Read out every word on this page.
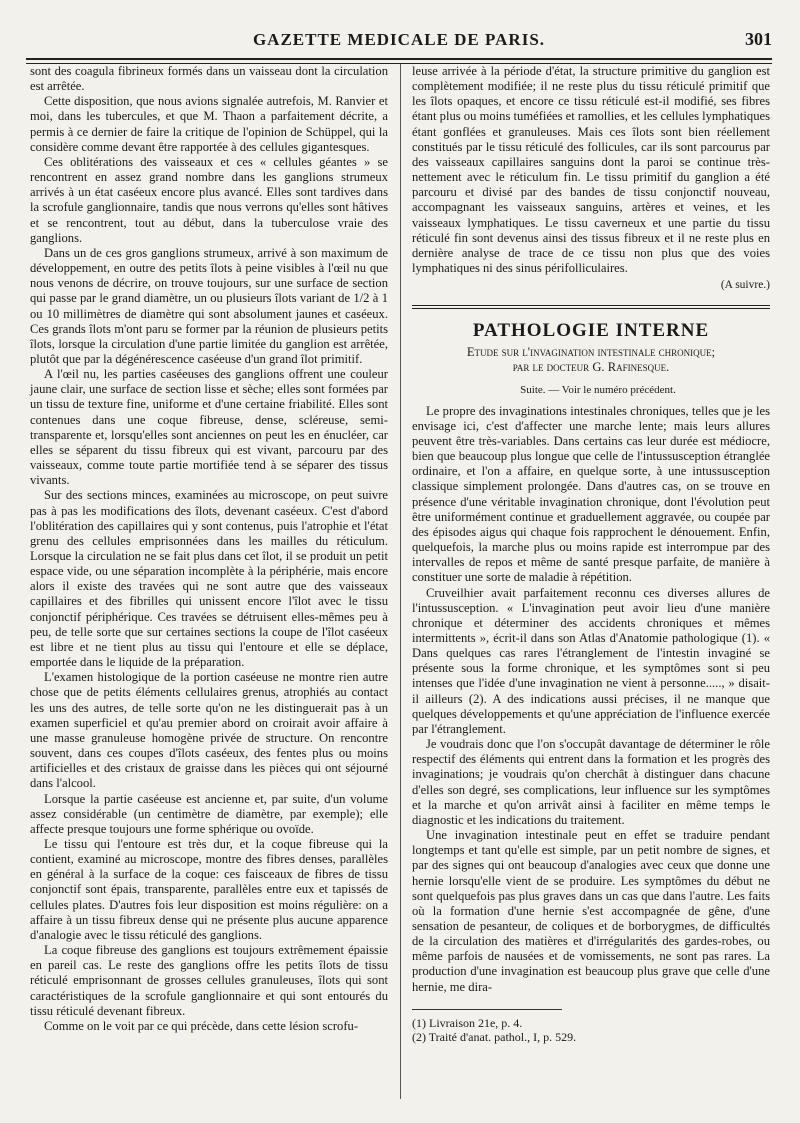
GAZETTE MEDICALE DE PARIS.	301

sont des coagula fibrineux formés dans un vaisseau dont la circulation est arrêtée.

Cette disposition, que nous avions signalée autrefois, M. Ranvier et moi, dans les tubercules, et que M. Thaon a parfaitement décrite, a permis à ce dernier de faire la critique de l'opinion de Schüppel, qui la considère comme devant être rapportée à des cellules gigantesques.

Ces oblitérations des vaisseaux et ces « cellules géantes » se rencontrent en assez grand nombre dans les ganglions strumeux arrivés à un état caséeux encore plus avancé. Elles sont tardives dans la scrofule ganglionnaire, tandis que nous verrons qu'elles sont hâtives et se rencontrent, tout au début, dans la tuberculose vraie des ganglions.

Dans un de ces gros ganglions strumeux, arrivé à son maximum de développement, en outre des petits îlots à peine visibles à l'œil nu que nous venons de décrire, on trouve toujours, sur une surface de section qui passe par le grand diamètre, un ou plusieurs îlots variant de 1/2 à 1 ou 10 millimètres de diamètre qui sont absolument jaunes et caséeux. Ces grands îlots m'ont paru se former par la réunion de plusieurs petits îlots, lorsque la circulation d'une partie limitée du ganglion est arrêtée, plutôt que par la dégénérescence caséeuse d'un grand îlot primitif.

A l'œil nu, les parties caséeuses des ganglions offrent une couleur jaune clair, une surface de section lisse et sèche; elles sont formées par un tissu de texture fine, uniforme et d'une certaine friabilité. Elles sont contenues dans une coque fibreuse, dense, scléreuse, semi-transparente et, lorsqu'elles sont anciennes on peut les en énucléer, car elles se séparent du tissu fibreux qui est vivant, parcouru par des vaisseaux, comme toute partie mortifiée tend à se séparer des tissus vivants.

Sur des sections minces, examinées au microscope, on peut suivre pas à pas les modifications des îlots, devenant caséeux. C'est d'abord l'oblitération des capillaires qui y sont contenus, puis l'atrophie et l'état grenu des cellules emprisonnées dans les mailles du réticulum. Lorsque la circulation ne se fait plus dans cet îlot, il se produit un petit espace vide, ou une séparation incomplète à la périphérie, mais encore alors il existe des travées qui ne sont autre que des vaisseaux capillaires et des fibrilles qui unissent encore l'îlot avec le tissu conjonctif périphérique. Ces travées se détruisent elles-mêmes peu à peu, de telle sorte que sur certaines sections la coupe de l'îlot caséeux est libre et ne tient plus au tissu qui l'entoure et elle se déplace, emportée dans le liquide de la préparation.

L'examen histologique de la portion caséeuse ne montre rien autre chose que de petits éléments cellulaires grenus, atrophiés au contact les uns des autres, de telle sorte qu'on ne les distinguerait pas à un examen superficiel et qu'au premier abord on croirait avoir affaire à une masse granuleuse homogène privée de structure. On rencontre souvent, dans ces coupes d'îlots caséeux, des fentes plus ou moins artificielles et des cristaux de graisse dans les pièces qui ont séjourné dans l'alcool.

Lorsque la partie caséeuse est ancienne et, par suite, d'un volume assez considérable (un centimètre de diamètre, par exemple); elle affecte presque toujours une forme sphérique ou ovoïde.

Le tissu qui l'entoure est très dur, et la coque fibreuse qui la contient, examiné au microscope, montre des fibres denses, parallèles en général à la surface de la coque: ces faisceaux de fibres de tissu conjonctif sont épais, transparente, parallèles entre eux et tapissés de cellules plates. D'autres fois leur disposition est moins régulière: on a affaire à un tissu fibreux dense qui ne présente plus aucune apparence d'analogie avec le tissu réticulé des ganglions.

La coque fibreuse des ganglions est toujours extrêmement épaissie en pareil cas. Le reste des ganglions offre les petits îlots de tissu réticulé emprisonnant de grosses cellules granuleuses, îlots qui sont caractéristiques de la scrofule ganglionnaire et qui sont entourés du tissu réticulé devenant fibreux.

Comme on le voit par ce qui précède, dans cette lésion scrofu-

leuse arrivée à la période d'état, la structure primitive du ganglion est complètement modifiée; il ne reste plus du tissu réticulé primitif que les îlots opaques, et encore ce tissu réticulé est-il modifié, ses fibres étant plus ou moins tuméfiées et ramollies, et les cellules lymphatiques étant gonflées et granuleuses. Mais ces îlots sont bien réellement constitués par le tissu réticulé des follicules, car ils sont parcourus par des vaisseaux capillaires sanguins dont la paroi se continue très-nettement avec le réticulum fin. Le tissu primitif du ganglion a été parcouru et divisé par des bandes de tissu conjonctif nouveau, accompagnant les vaisseaux sanguins, artères et veines, et les vaisseaux lymphatiques. Le tissu caverneux et une partie du tissu réticulé fin sont devenus ainsi des tissus fibreux et il ne reste plus en dernière analyse de trace de ce tissu non plus que des voies lymphatiques ni des sinus périfolliculaires.

(A suivre.)

PATHOLOGIE INTERNE
Etude sur l'invagination intestinale chronique;
par le docteur G. Rafinesque.

Suite. — Voir le numéro précédent.

Le propre des invaginations intestinales chroniques, telles que je les envisage ici, c'est d'affecter une marche lente; mais leurs allures peuvent être très-variables. Dans certains cas leur durée est médiocre, bien que beaucoup plus longue que celle de l'intussusception étranglée ordinaire, et l'on a affaire, en quelque sorte, à une intussusception classique simplement prolongée. Dans d'autres cas, on se trouve en présence d'une véritable invagination chronique, dont l'évolution peut être uniformément continue et graduellement aggravée, ou coupée par des épisodes aigus qui chaque fois rapprochent le dénouement. Enfin, quelquefois, la marche plus ou moins rapide est interrompue par des intervalles de repos et même de santé presque parfaite, de manière à constituer une sorte de maladie à répétition.

Cruveilhier avait parfaitement reconnu ces diverses allures de l'intussusception. « L'invagination peut avoir lieu d'une manière chronique et déterminer des accidents chroniques et mêmes intermittents », écrit-il dans son Atlas d'Anatomie pathologique (1). « Dans quelques cas rares l'étranglement de l'intestin invaginé se présente sous la forme chronique, et les symptômes sont si peu intenses que l'idée d'une invagination ne vient à personne....., » disait-il ailleurs (2). A des indications aussi précises, il ne manque que quelques développements et qu'une appréciation de l'influence exercée par l'étranglement.

Je voudrais donc que l'on s'occupât davantage de déterminer le rôle respectif des éléments qui entrent dans la formation et les progrès des invaginations; je voudrais qu'on cherchât à distinguer dans chacune d'elles son degré, ses complications, leur influence sur les symptômes et la marche et qu'on arrivât ainsi à faciliter en même temps le diagnostic et les indications du traitement.

Une invagination intestinale peut en effet se traduire pendant longtemps et tant qu'elle est simple, par un petit nombre de signes, et par des signes qui ont beaucoup d'analogies avec ceux que donne une hernie lorsqu'elle vient de se produire. Les symptômes du début ne sont quelquefois pas plus graves dans un cas que dans l'autre. Les faits où la formation d'une hernie s'est accompagnée de gêne, d'une sensation de pesanteur, de coliques et de borborygmes, de difficultés de la circulation des matières et d'irrégularités des gardes-robes, ou même parfois de nausées et de vomissements, ne sont pas rares. La production d'une invagination est beaucoup plus grave que celle d'une hernie, me dira-

(1) Livraison 21e, p. 4.

(2) Traité d'anat. pathol., I, p. 529.
